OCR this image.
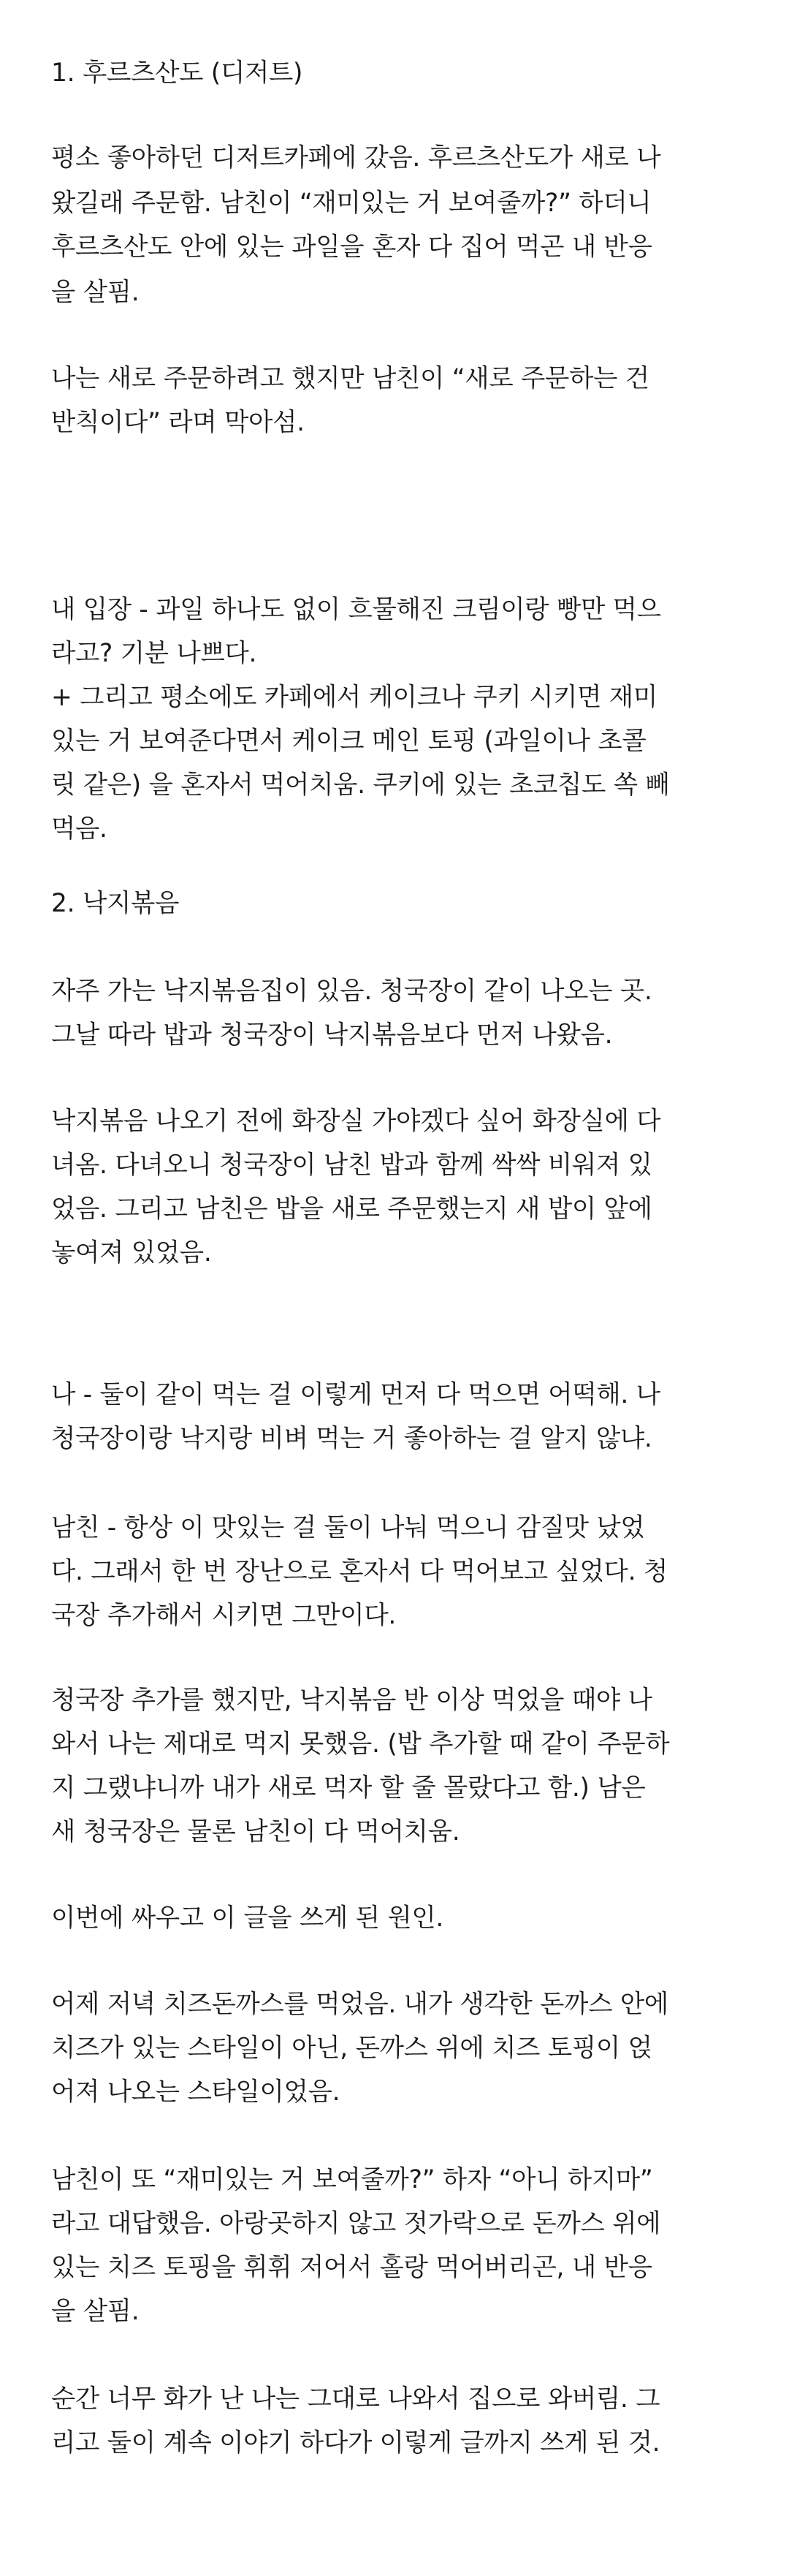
1. 후르츠산도 (디저트)
평소 좋아하던 디저트카페에 갔음. 후르츠산도가 새로 나
왔길래 주문함. 남친이 “재미있는 거 보여줄까?” 하더니
후르츠산도 안에 있는 과일을 혼자 다 집어 먹곤 내 반응
을 살핌.
나는 새로 주문하려고 했지만 남친이 “새로 주문하는 건
반칙이다” 라며 막아섬.
내 입장 - 과일 하나도 없이 흐물해진 크림이랑 빵만 먹으
라고? 기분 나쁘다.
+ 그리고 평소에도 카페에서 케이크나 쿠키 시키면 재미
있는 거 보여준다면서 케이크 메인 토핑 (과일이나 초콜
릿 같은) 을 혼자서 먹어치움. 쿠키에 있는 초코칩도 쏙 빼
먹음.
2. 낙지볶음
자주 가는 낙지볶음집이 있음. 청국장이 같이 나오는 곳.
그날 따라 밥과 청국장이 낙지볶음보다 먼저 나왔음.
낙지볶음 나오기 전에 화장실 가야겠다 싶어 화장실에 다
녀옴. 다녀오니 청국장이 남친 밥과 함께 싹싹 비워져 있
었음. 그리고 남친은 밥을 새로 주문했는지 새 밥이 앞에
놓여져 있었음.
나 - 둘이 같이 먹는 걸 이렇게 먼저 다 먹으면 어떡해. 나
청국장이랑 낙지랑 비벼 먹는 거 좋아하는 걸 알지 않냐.
남친 - 항상 이 맛있는 걸 둘이 나눠 먹으니 감질맛 났었
다. 그래서 한 번 장난으로 혼자서 다 먹어보고 싶었다. 청
국장 추가해서 시키면 그만이다.
청국장 추가를 했지만, 낙지볶음 반 이상 먹었을 때야 나
와서 나는 제대로 먹지 못했음. (밥 추가할 때 같이 주문하
지 그랬냐니까 내가 새로 먹자 할 줄 몰랐다고 함.) 남은
새 청국장은 물론 남친이 다 먹어치움.
이번에 싸우고 이 글을 쓰게 된 원인.
어제 저녁 치즈돈까스를 먹었음. 내가 생각한 돈까스 안에
치즈가 있는 스타일이 아닌, 돈까스 위에 치즈 토핑이 얹
어져 나오는 스타일이었음.
남친이 또 “재미있는 거 보여줄까?” 하자 “아니 하지마”
라고 대답했음. 아랑곳하지 않고 젓가락으로 돈까스 위에
있는 치즈 토핑을 휘휘 저어서 홀랑 먹어버리곤, 내 반응
을 살핌.
순간 너무 화가 난 나는 그대로 나와서 집으로 와버림. 그
리고 둘이 계속 이야기 하다가 이렇게 글까지 쓰게 된 것.
